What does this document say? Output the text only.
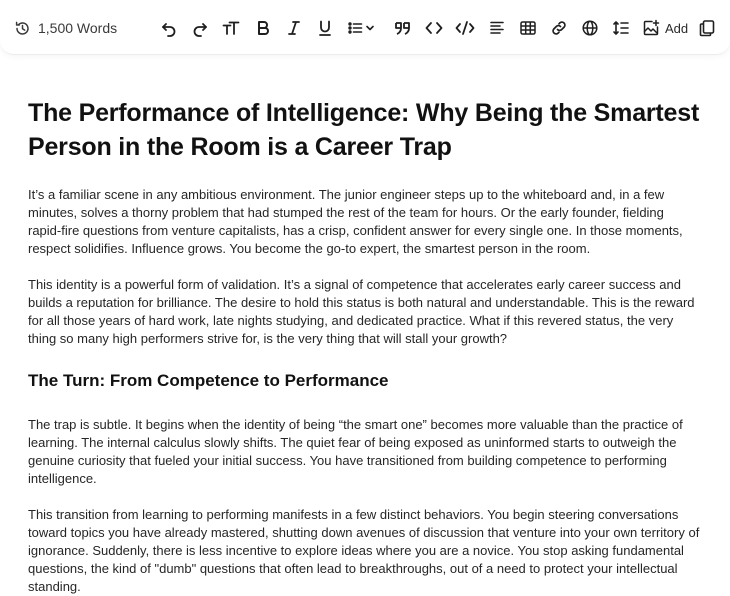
1,500 Words	Add
The Performance of Intelligence: Why Being the Smartest Person in the Room is a Career Trap

It’s a familiar scene in any ambitious environment. The junior engineer steps up to the whiteboard and, in a few minutes, solves a thorny problem that had stumped the rest of the team for hours. Or the early founder, fielding rapid-fire questions from venture capitalists, has a crisp, confident answer for every single one. In those moments, respect solidifies. Influence grows. You become the go-to expert, the smartest person in the room.

This identity is a powerful form of validation. It’s a signal of competence that accelerates early career success and builds a reputation for brilliance. The desire to hold this status is both natural and understandable. This is the reward for all those years of hard work, late nights studying, and dedicated practice. What if this revered status, the very thing so many high performers strive for, is the very thing that will stall your growth?

The Turn: From Competence to Performance

The trap is subtle. It begins when the identity of being “the smart one” becomes more valuable than the practice of learning. The internal calculus slowly shifts. The quiet fear of being exposed as uninformed starts to outweigh the genuine curiosity that fueled your initial success. You have transitioned from building competence to performing intelligence.

This transition from learning to performing manifests in a few distinct behaviors. You begin steering conversations toward topics you have already mastered, shutting down avenues of discussion that venture into your own territory of ignorance. Suddenly, there is less incentive to explore ideas where you are a novice. You stop asking fundamental questions, the kind of "dumb" questions that often lead to breakthroughs, out of a need to protect your intellectual standing.
